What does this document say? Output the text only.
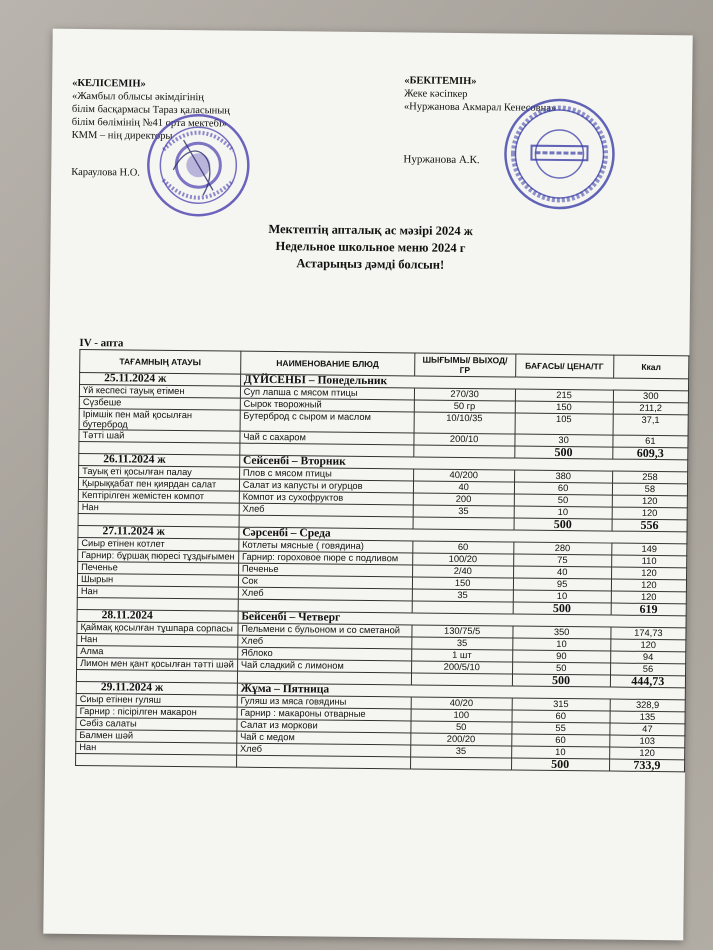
«КЕЛІСЕМІН»
«Жамбыл облысы әкімдігінің
білім басқармасы Тараз қаласының
білім бөлімінің №41 орта мектебі»
КММ – нің директоры
Караулова Н.О.
«БЕКІТЕМІН»
Жеке кәсіпкер
«Нуржанова Акмарал Кенесовна»
Нуржанова А.К.
Мектептің апталық ас мәзірі 2024 ж
Недельное школьное меню 2024 г
Астарыңыз дәмді болсын!
IV - апта
ТАҒАМНЫҢ АТАУЫ	НАИМЕНОВАНИЕ БЛЮД	ШЫҒЫМЫ/ ВЫХОД/ГР	БАҒАСЫ/ ЦЕНА/ТГ	Ккал
25.11.2024 ж	ДҮЙСЕНБІ – Понедельник			
Үй кеспесі тауық етімен	Суп лапша с мясом птицы	270/30	215	300
Сүзбеше	Сырок творожный	50 гр	150	211,2
Ірімшік пен май қосылған бутерброд	Бутерброд с сыром и маслом	10/10/35	105	37,1
Тәтті шай	Чай с сахаром	200/10	30	61
			500	609,3
26.11.2024 ж	Сейсенбі – Вторник			
Тауық еті қосылған палау	Плов с мясом птицы	40/200	380	258
Қырыққабат пен қиярдан салат	Салат из капусты и огурцов	40	60	58
Кептірілген жемістен компот	Компот из сухофруктов	200	50	120
Нан	Хлеб	35	10	120
			500	556
27.11.2024 ж	Сәрсенбі – Среда			
Сиыр етінен котлет	Котлеты мясные ( говядина)	60	280	149
Гарнир: бұршақ пюресі тұздығымен	Гарнир: гороховое пюре с подливом	100/20	75	110
Печенье	Печенье	2/40	40	120
Шырын	Сок	150	95	120
Нан	Хлеб	35	10	120
			500	619
28.11.2024	Бейсенбі – Четверг			
Қаймақ қосылған тұшпара сорпасы	Пельмени с бульоном и со сметаной	130/75/5	350	174,73
Нан	Хлеб	35	10	120
Алма	Яблоко	1 шт	90	94
Лимон мен қант қосылған тәтті шәй	Чай сладкий с лимоном	200/5/10	50	56
			500	444,73
29.11.2024 ж	Жұма – Пятница			
Сиыр етінен гуляш	Гуляш из мяса говядины	40/20	315	328,9
Гарнир : пісірілген макарон	Гарнир : макароны отварные	100	60	135
Сәбіз салаты	Салат из моркови	50	55	47
Балмен шәй	Чай с медом	200/20	60	103
Нан	Хлеб	35	10	120
			500	733,9
